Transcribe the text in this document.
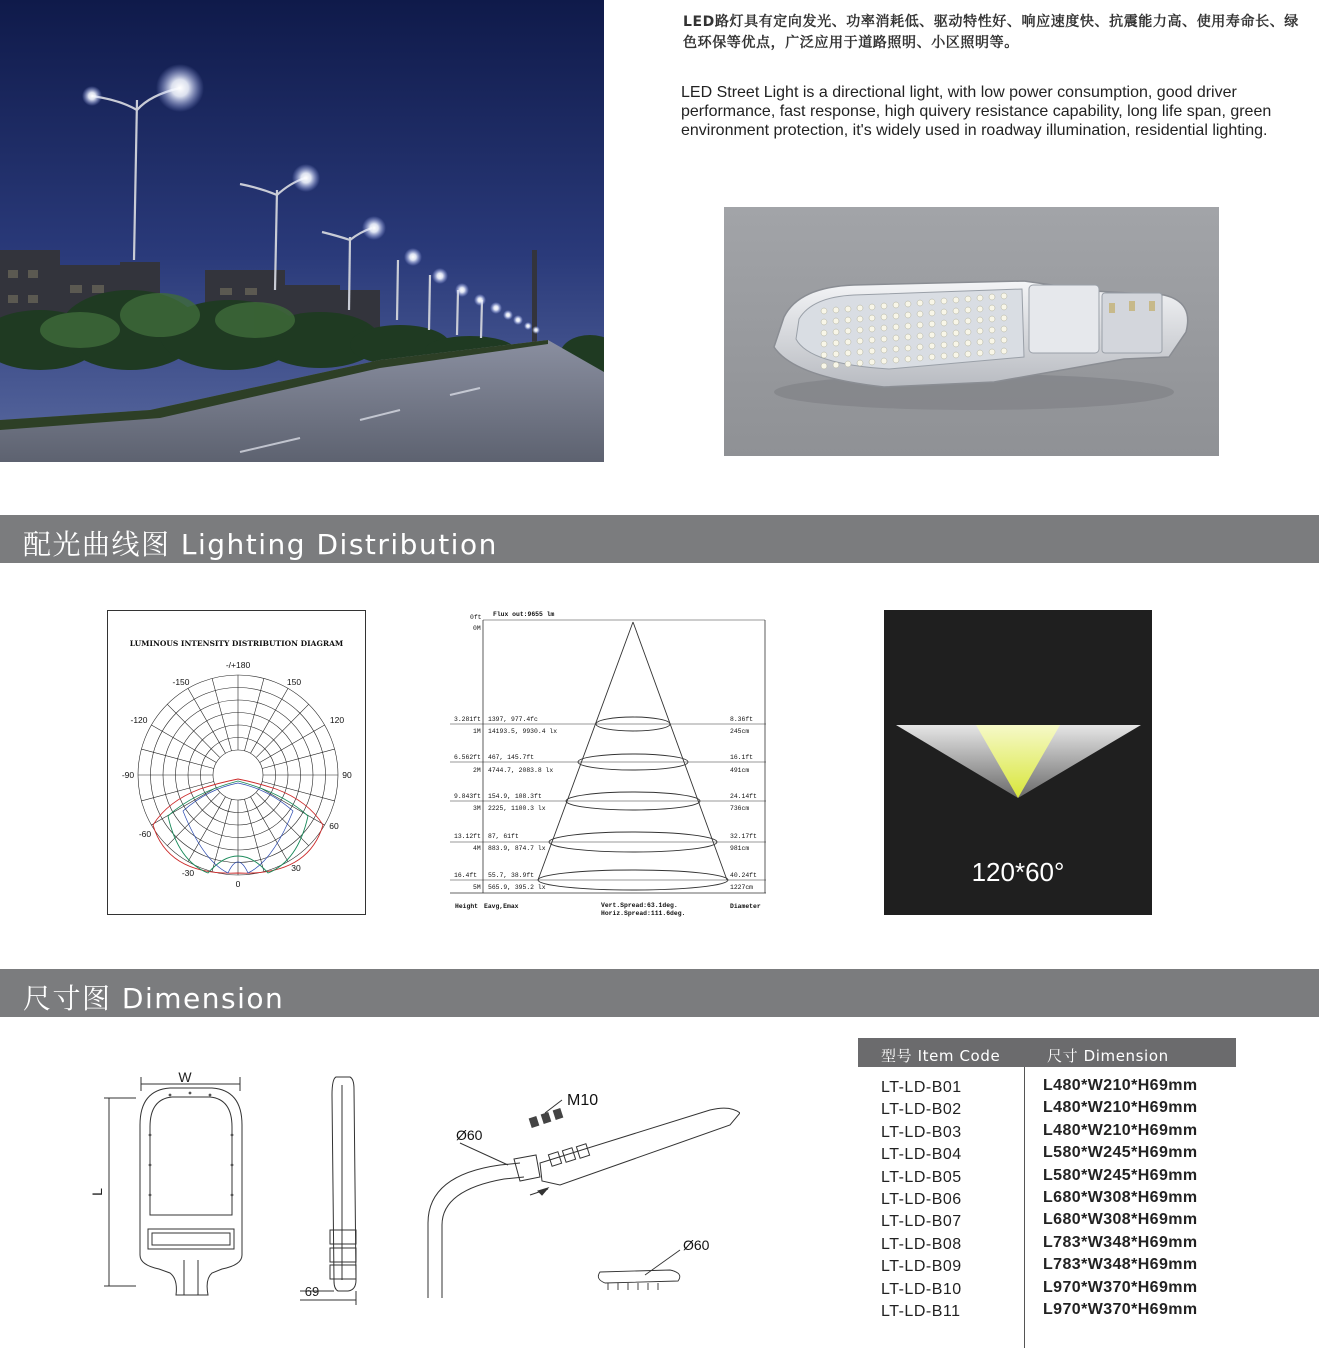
LED路灯具有定向发光、功率消耗低、驱动特性好、响应速度快、抗震能力高、使用寿命长、绿色环保等优点，广泛应用于道路照明、小区照明等。
LED Street Light is a directional light, with low power consumption, good driver performance, fast response, high quivery resistance capability, long life span, green environment protection, it's widely used in roadway illumination, residential lighting.
配光曲线图 Lighting Distribution
LUMINOUS INTENSITY DISTRIBUTION DIAGRAM
-/+180
-150	150
-120	120
-90	90
-60
60
-30	30
0
Flux out:9655 lm
0ft
0M
3.281ft 1397, 977.4fc	8.36ft
1M 14193.5, 9930.4 lx	245cm
6.562ft 467, 145.7ft	16.1ft
2M 4744.7, 2083.8 lx	491cm
9.843ft 154.9, 108.3ft	24.14ft
3M 2225, 1100.3 lx	736cm
13.12ft 87, 61ft	32.17ft
4M 883.9, 874.7 lx	981cm
16.4ft 55.7, 38.9ft	40.24ft
5M 565.9, 395.2 lx	1227cm
Height Eavg,Emax	Vert.Spread:63.1deg.
Horiz.Spread:111.6deg.
Diameter
120*60°
尺寸图 Dimension
W
L
69
M10
Ø60
Ø60
型号 Item Code	尺寸 Dimension
LT-LD-B01	L480*W210*H69mm
LT-LD-B02	L480*W210*H69mm
LT-LD-B03	L480*W210*H69mm
LT-LD-B04	L580*W245*H69mm
LT-LD-B05	L580*W245*H69mm
LT-LD-B06	L680*W308*H69mm
LT-LD-B07	L680*W308*H69mm
LT-LD-B08	L783*W348*H69mm
LT-LD-B09	L783*W348*H69mm
LT-LD-B10	L970*W370*H69mm
LT-LD-B11	L970*W370*H69mm
